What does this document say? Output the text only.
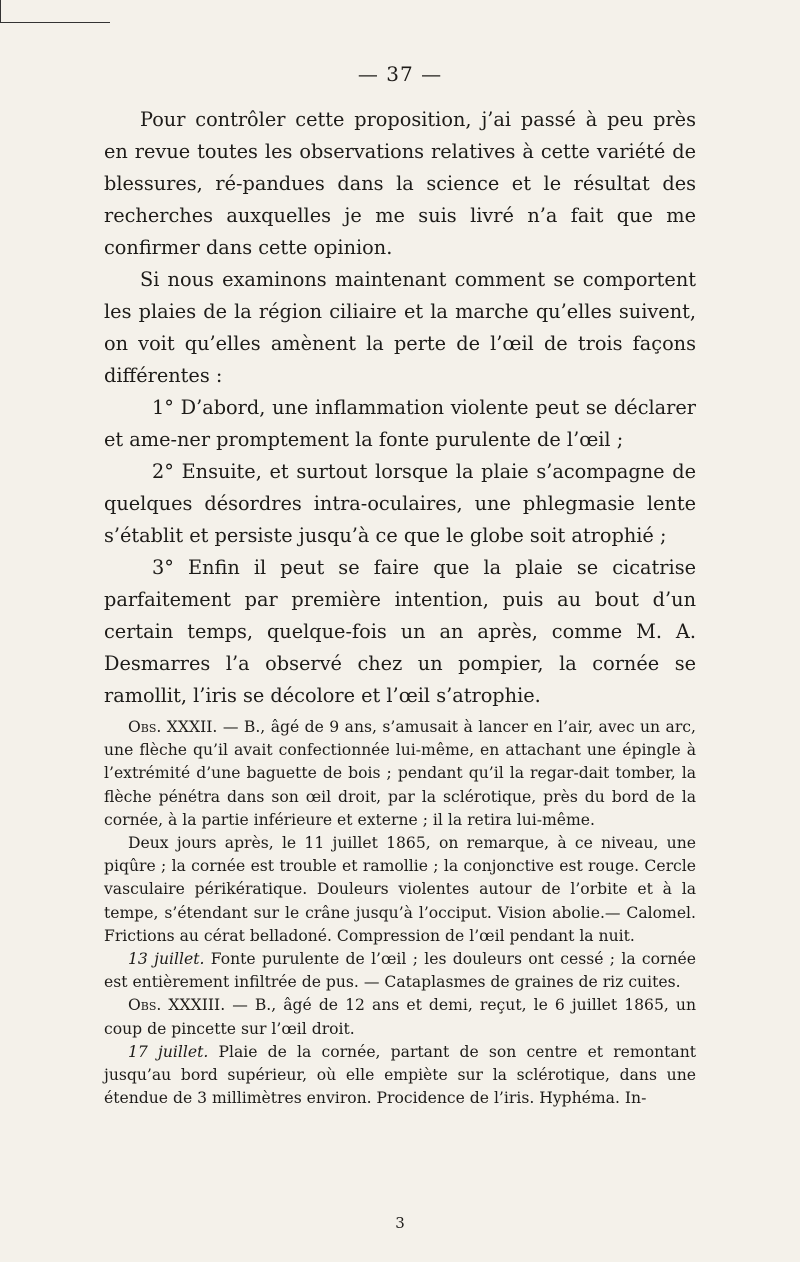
— 37 —

Pour contrôler cette proposition, j’ai passé à peu près en revue toutes les observations relatives à cette variété de blessures, ré-pandues dans la science et le résultat des recherches auxquelles je me suis livré n’a fait que me confirmer dans cette opinion.

Si nous examinons maintenant comment se comportent les plaies de la région ciliaire et la marche qu’elles suivent, on voit qu’elles amènent la perte de l’œil de trois façons différentes :

1° D’abord, une inflammation violente peut se déclarer et ame-ner promptement la fonte purulente de l’œil ;

2° Ensuite, et surtout lorsque la plaie s’acompagne de quelques désordres intra-oculaires, une phlegmasie lente s’établit et persiste jusqu’à ce que le globe soit atrophié ;

3° Enfin il peut se faire que la plaie se cicatrise parfaitement par première intention, puis au bout d’un certain temps, quelque-fois un an après, comme M. A. Desmarres l’a observé chez un pompier, la cornée se ramollit, l’iris se décolore et l’œil s’atrophie.

Obs. XXXII. — B., âgé de 9 ans, s’amusait à lancer en l’air, avec un arc, une flèche qu’il avait confectionnée lui-même, en attachant une épingle à l’extrémité d’une baguette de bois ; pendant qu’il la regar-dait tomber, la flèche pénétra dans son œil droit, par la sclérotique, près du bord de la cornée, à la partie inférieure et externe ; il la retira lui-même.

Deux jours après, le 11 juillet 1865, on remarque, à ce niveau, une piqûre ; la cornée est trouble et ramollie ; la conjonctive est rouge. Cercle vasculaire périkératique. Douleurs violentes autour de l’orbite et à la tempe, s’étendant sur le crâne jusqu’à l’occiput. Vision abolie.— Calomel. Frictions au cérat belladoné. Compression de l’œil pendant la nuit.

13 juillet. Fonte purulente de l’œil ; les douleurs ont cessé ; la cornée est entièrement infiltrée de pus. — Cataplasmes de graines de riz cuites.

Obs. XXXIII. — B., âgé de 12 ans et demi, reçut, le 6 juillet 1865, un coup de pincette sur l’œil droit.

17 juillet. Plaie de la cornée, partant de son centre et remontant jusqu’au bord supérieur, où elle empiète sur la sclérotique, dans une étendue de 3 millimètres environ. Procidence de l’iris. Hyphéma. In-

3
